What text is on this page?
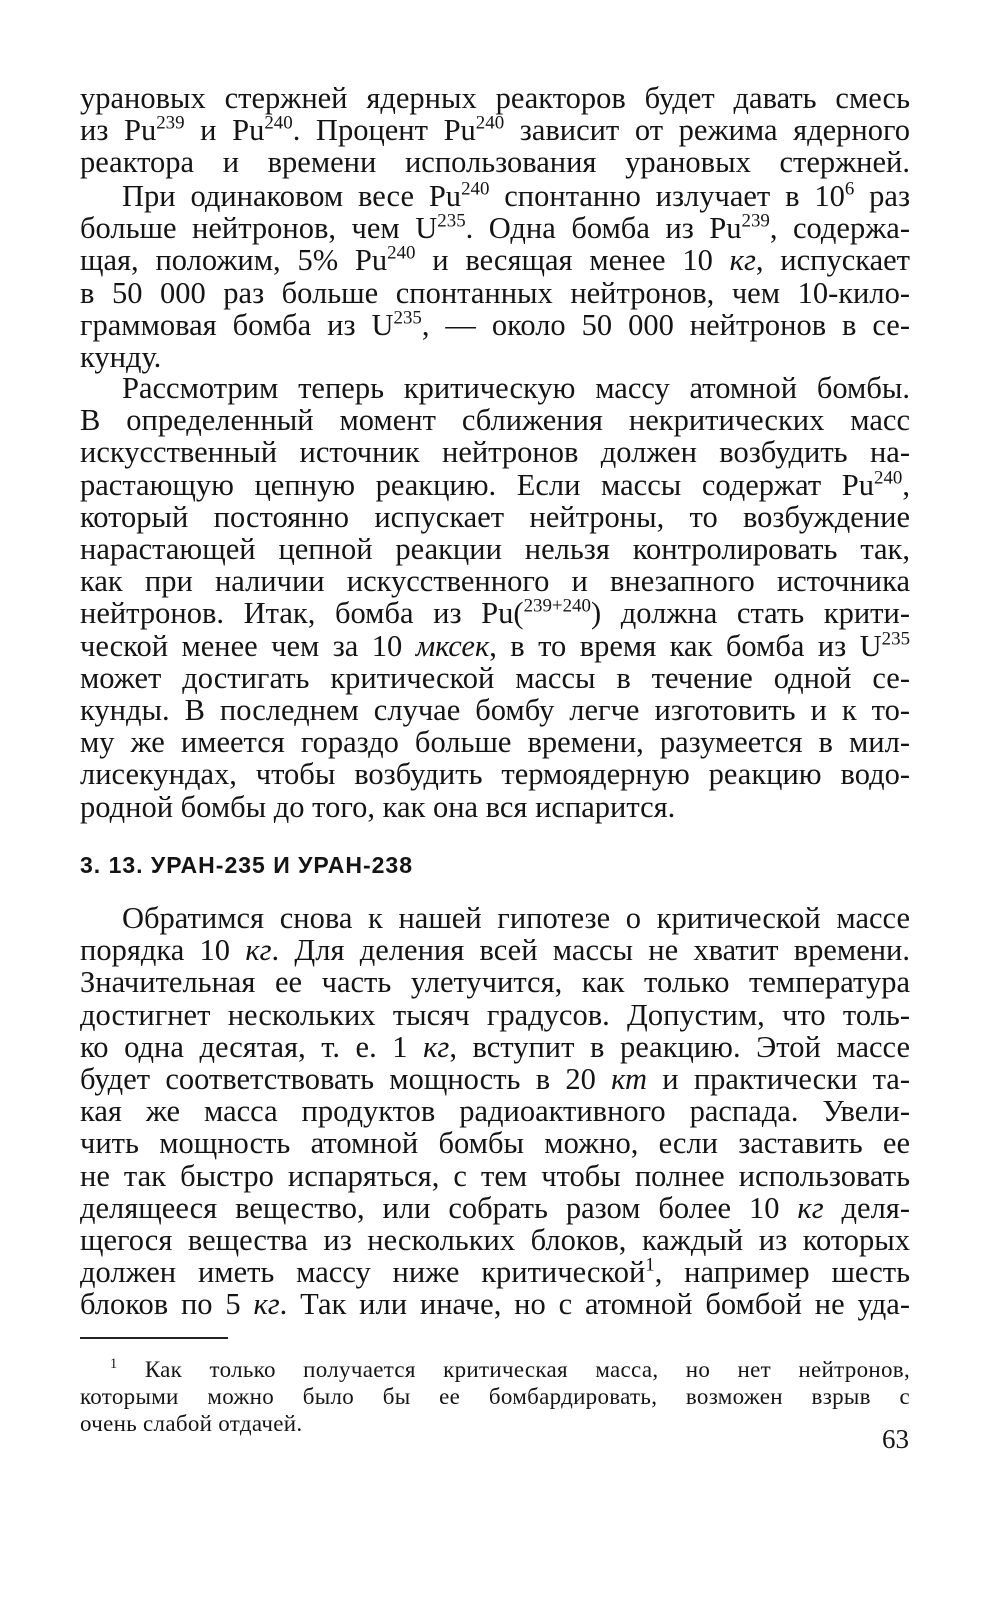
урановых стержней ядерных реакторов будет давать смесь

из Pu$^{239}$ и Pu$^{240}$. Процент Pu$^{240}$ зависит от режима ядерного

реактора и времени использования урановых стержней.

При одинаковом весе Pu$^{240}$ спонтанно излучает в $10^6$ раз

больше нейтронов, чем $U^{235}$. Одна бомба из Pu$^{239}$, содержа-

щая, положим, 5% Pu$^{240}$ и весящая менее 10 кг, испускает

в 50 000 раз больше спонтанных нейтронов, чем 10-кило-

граммовая бомба из $U^{235}$, — около 50 000 нейтронов в се-

кунду.

Рассмотрим теперь критическую массу атомной бомбы.

В определенный момент сближения некритических масс

искусственный источник нейтронов должен возбудить на-

растающую цепную реакцию. Если массы содержат Pu$^{240}$,

который постоянно испускает нейтроны, то возбуждение

нарастающей цепной реакции нельзя контролировать так,

как при наличии искусственного и внезапного источника

нейтронов. Итак, бомба из Pu($^{239+240}$) должна стать крити-

ческой менее чем за 10 мксек, в то время как бомба из $U^{235}$

может достигать критической массы в течение одной се-

кунды. В последнем случае бомбу легче изготовить и к то-

му же имеется гораздо больше времени, разумеется в мил-

лисекундах, чтобы возбудить термоядерную реакцию водо-

родной бомбы до того, как она вся испарится.

3. 13. УРАН-235 И УРАН-238

Обратимся снова к нашей гипотезе о критической массе

порядка 10 кг. Для деления всей массы не хватит времени.

Значительная ее часть улетучится, как только температура

достигнет нескольких тысяч градусов. Допустим, что толь-

ко одна десятая, т. е. 1 кг, вступит в реакцию. Этой массе

будет соответствовать мощность в 20 кт и практически та-

кая же масса продуктов радиоактивного распада. Увели-

чить мощность атомной бомбы можно, если заставить ее

не так быстро испаряться, с тем чтобы полнее использовать

делящееся вещество, или собрать разом более 10 кг деля-

щегося вещества из нескольких блоков, каждый из которых

должен иметь массу ниже критической$^1$, например шесть

блоков по 5 кг. Так или иначе, но с атомной бомбой не уда-

$^1$ Как только получается критическая масса, но нет нейтронов,

которыми можно было бы ее бомбардировать, возможен взрыв с

очень слабой отдачей.

63
